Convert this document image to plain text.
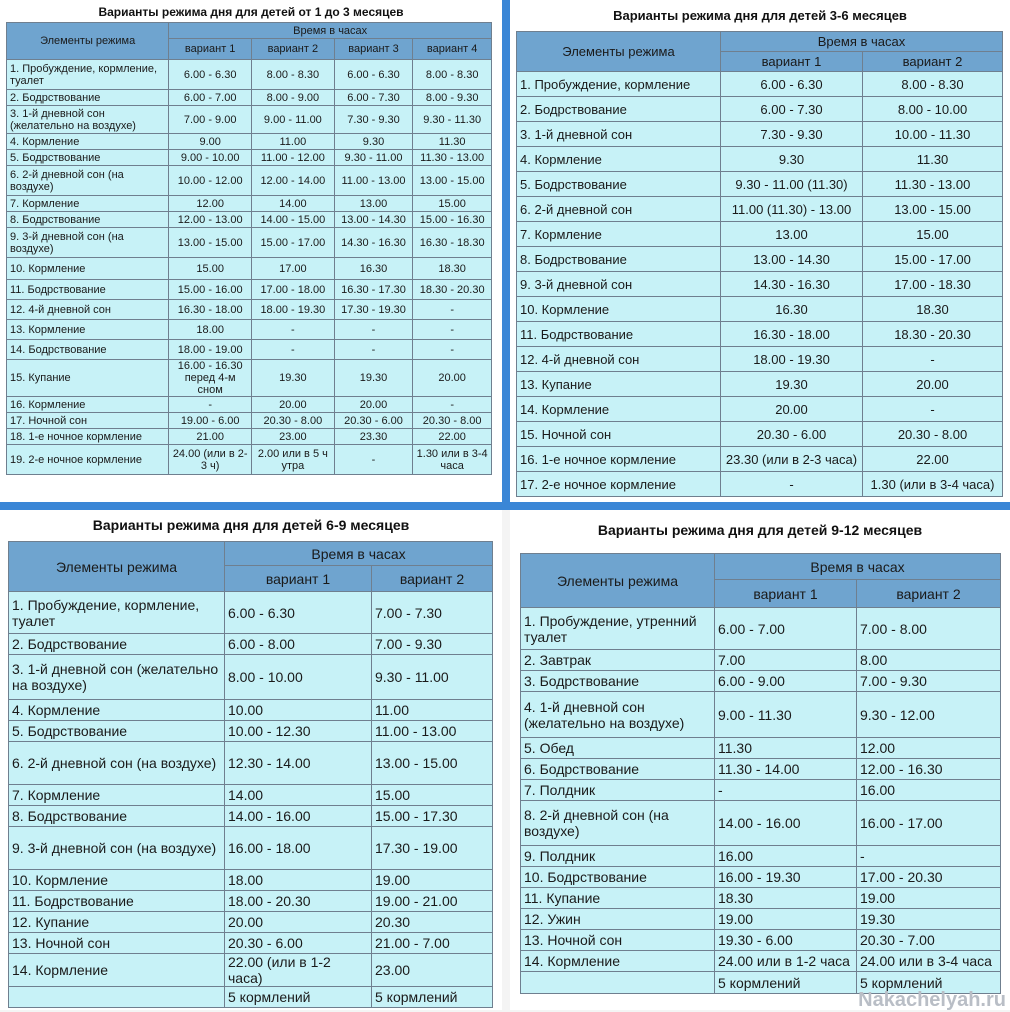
Варианты режима дня для детей от 1 до 3 месяцев
Элементы режима	Время в часах			
	вариант 1	вариант 2	вариант 3	вариант 4
1. Пробуждение, кормление, туалет	6.00 - 6.30	8.00 - 8.30	6.00 - 6.30	8.00 - 8.30
2. Бодрствование	6.00 - 7.00	8.00 - 9.00	6.00 - 7.30	8.00 - 9.30
3. 1-й дневной сон (желательно на воздухе)	7.00 - 9.00	9.00 - 11.00	7.30 - 9.30	9.30 - 11.30
4. Кормление	9.00	11.00	9.30	11.30
5. Бодрствование	9.00 - 10.00	11.00 - 12.00	9.30 - 11.00	11.30 - 13.00
6. 2-й дневной сон (на воздухе)	10.00 - 12.00	12.00 - 14.00	11.00 - 13.00	13.00 - 15.00
7. Кормление	12.00	14.00	13.00	15.00
8. Бодрствование	12.00 - 13.00	14.00 - 15.00	13.00 - 14.30	15.00 - 16.30
9. 3-й дневной сон (на воздухе)	13.00 - 15.00	15.00 - 17.00	14.30 - 16.30	16.30 - 18.30
10. Кормление	15.00	17.00	16.30	18.30
11. Бодрствование	15.00 - 16.00	17.00 - 18.00	16.30 - 17.30	18.30 - 20.30
12. 4-й дневной сон	16.30 - 18.00	18.00 - 19.30	17.30 - 19.30	-
13. Кормление	18.00	-	-	-
14. Бодрствование	18.00 - 19.00	-	-	-
15. Купание	16.00 - 16.30 перед 4-м сном	19.30	19.30	20.00
16. Кормление	-	20.00	20.00	-
17. Ночной сон	19.00 - 6.00	20.30 - 8.00	20.30 - 6.00	20.30 - 8.00
18. 1-е ночное кормление	21.00	23.00	23.30	22.00
19. 2-е ночное кормление	24.00 (или в 2-3 ч)	2.00 или в 5 ч утра	-	1.30 или в 3-4 часа
Варианты режима дня для детей 3-6 месяцев
Элементы режима	Время в часах	
	вариант 1	вариант 2
1. Пробуждение, кормление	6.00 - 6.30	8.00 - 8.30
2. Бодрствование	6.00 - 7.30	8.00 - 10.00
3. 1-й дневной сон	7.30 - 9.30	10.00 - 11.30
4. Кормление	9.30	11.30
5. Бодрствование	9.30 - 11.00 (11.30)	11.30 - 13.00
6. 2-й дневной сон	11.00 (11.30) - 13.00	13.00 - 15.00
7. Кормление	13.00	15.00
8. Бодрствование	13.00 - 14.30	15.00 - 17.00
9. 3-й дневной сон	14.30 - 16.30	17.00 - 18.30
10. Кормление	16.30	18.30
11. Бодрствование	16.30 - 18.00	18.30 - 20.30
12. 4-й дневной сон	18.00 - 19.30	-
13. Купание	19.30	20.00
14. Кормление	20.00	-
15. Ночной сон	20.30 - 6.00	20.30 - 8.00
16. 1-е ночное кормление	23.30 (или в 2-3 часа)	22.00
17. 2-е ночное кормление	-	1.30 (или в 3-4 часа)
Варианты режима дня для детей 6-9 месяцев
Элементы режима	Время в часах	
	вариант 1	вариант 2
1. Пробуждение, кормление, туалет	6.00 - 6.30	7.00 - 7.30
2. Бодрствование	6.00 - 8.00	7.00 - 9.30
3. 1-й дневной сон (желательно на воздухе)	8.00 - 10.00	9.30 - 11.00
4. Кормление	10.00	11.00
5. Бодрствование	10.00 - 12.30	11.00 - 13.00
6. 2-й дневной сон (на воздухе)	12.30 - 14.00	13.00 - 15.00
7. Кормление	14.00	15.00
8. Бодрствование	14.00 - 16.00	15.00 - 17.30
9. 3-й дневной сон (на воздухе)	16.00 - 18.00	17.30 - 19.00
10. Кормление	18.00	19.00
11. Бодрствование	18.00 - 20.30	19.00 - 21.00
12. Купание	20.00	20.30
13. Ночной сон	20.30 - 6.00	21.00 - 7.00
14. Кормление	22.00 (или в 1-2 часа)	23.00
	5 кормлений	5 кормлений
Варианты режима дня для детей 9-12 месяцев
Элементы режима	Время в часах	
	вариант 1	вариант 2
1. Пробуждение, утренний туалет	6.00 - 7.00	7.00 - 8.00
2. Завтрак	7.00	8.00
3. Бодрствование	6.00 - 9.00	7.00 - 9.30
4. 1-й дневной сон (желательно на воздухе)	9.00 - 11.30	9.30 - 12.00
5. Обед	11.30	12.00
6. Бодрствование	11.30 - 14.00	12.00 - 16.30
7. Полдник	-	16.00
8. 2-й дневной сон (на воздухе)	14.00 - 16.00	16.00 - 17.00
9. Полдник	16.00	-
10. Бодрствование	16.00 - 19.30	17.00 - 20.30
11. Купание	18.30	19.00
12. Ужин	19.00	19.30
13. Ночной сон	19.30 - 6.00	20.30 - 7.00
14. Кормление	24.00 или в 1-2 часа	24.00 или в 3-4 часа
	5 кормлений	5 кормлений
Nakachelyah.ru
